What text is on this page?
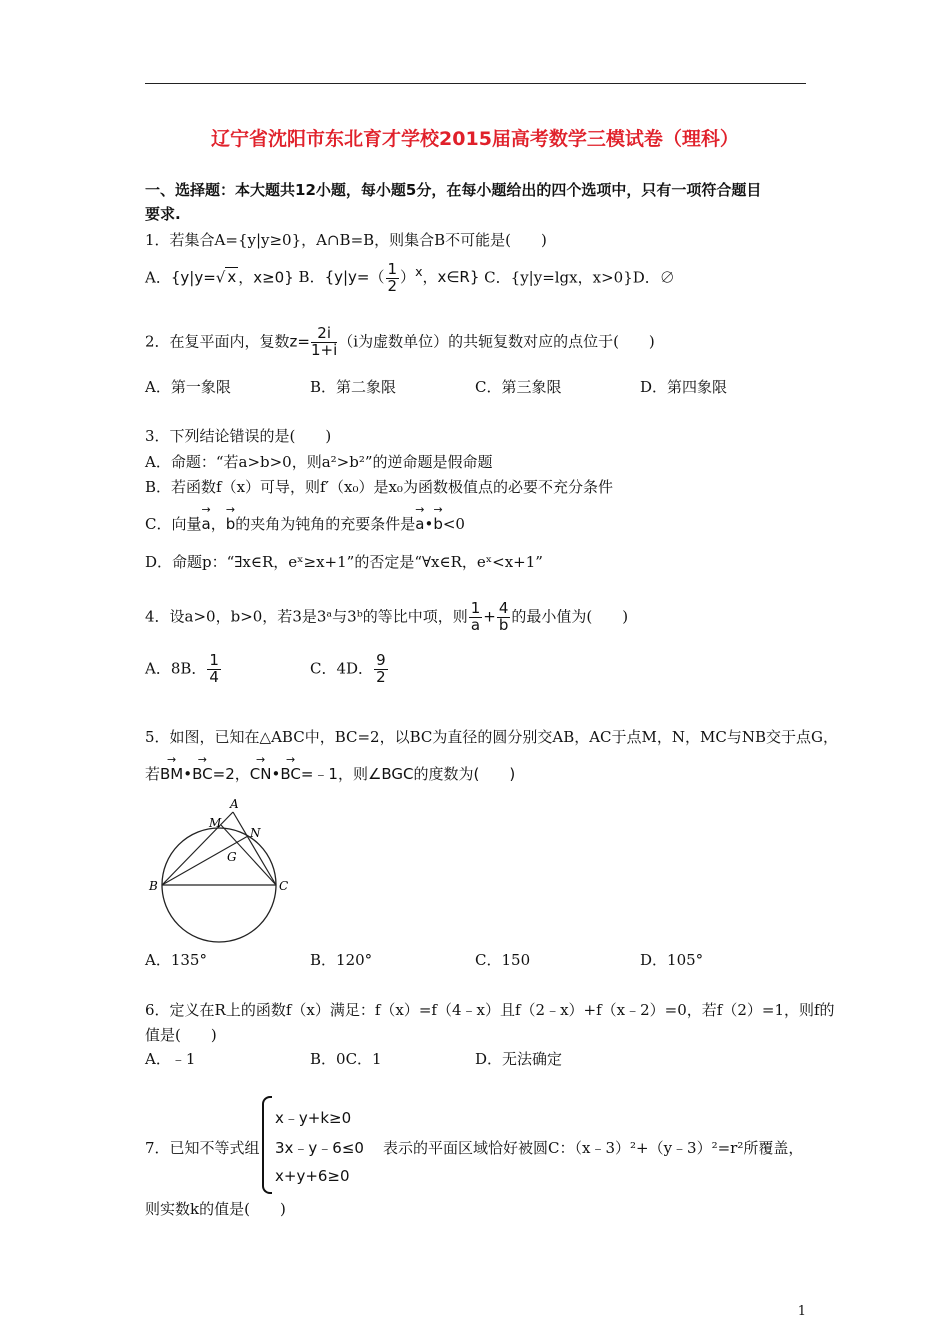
辽宁省沈阳市东北育才学校2015届高考数学三模试卷（理科）
一、选择题：本大题共12小题，每小题5分，在每小题给出的四个选项中，只有一项符合题目
要求.
1．若集合A={y|y≥0}，A∩B=B，则集合B不可能是(　　)
A．{y|y=√ x ，x≥0} B．{$y|y=( \frac{1}{2} )^x$，x∈R} C．{y|y=lgx，x>0}D．∅
2．在复平面内，复数$z= \frac{2i}{1+i} (i$为虚数单位）的共轭复数对应的点位于(　　)
A．第一象限	B．第二象限	C．第三象限	D．第四象限
3．下列结论错误的是(　　)
A．命题：“若a>b>0，则a²>b²”的逆命题是假命题
B．若函数f（x）可导，则f′（x₀）是x₀为函数极值点的必要不充分条件
C．向量→ a，→ b的夹角为钝角的充要条件是→ a•→ b<0
D．命题p：“∃x∈R，eˣ≥x+1”的否定是“∀x∈R，eˣ<x+1”
4．设a>0，b>0，若3是3ᵃ与3ᵇ的等比中项，则 $\frac{1}{a} + \frac{4}{b}$ 的最小值为(　　)
A．8B． $\frac{1}{4}$	C．4D． $\frac{9}{2}$
5．如图，已知在△ABC中，BC=2，以BC为直径的圆分别交AB，AC于点M，N，MC与NB交于点G，
若→ BM•→ BC=2，→ CN•→ BC=﹣1，则∠BGC的度数为(　　)
A
M
N
G
B	C
A．135°	B．120°	C．150	D．105°
6．定义在R上的函数f（x）满足：f（x）=f（4﹣x）且f（2﹣x）+f（x﹣2）=0，若f（2）=1，则f的
值是(　　)
A．﹣1	B．0C．1	D．无法确定
x﹣y+k≥0
3x﹣y﹣6≤0
x+y+6≥0
7．已知不等式组	表示的平面区域恰好被圆C：（x﹣3）²+（y﹣3）²=r²所覆盖，
则实数k的值是(　　)
1
